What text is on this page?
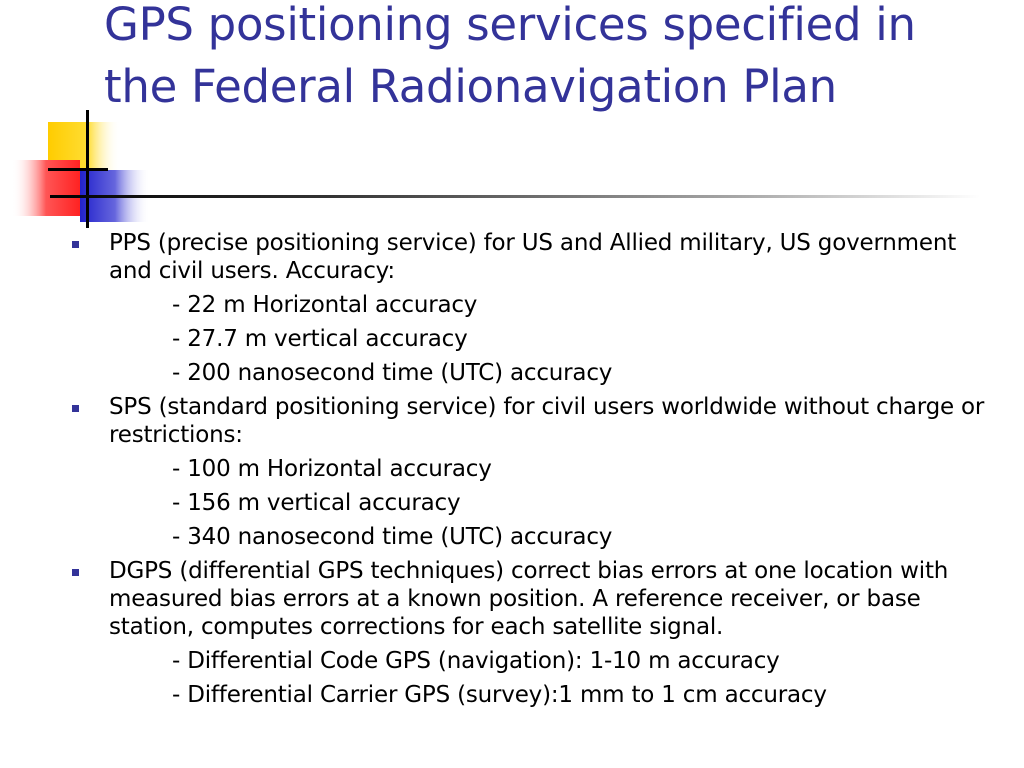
GPS positioning services specified in
the Federal Radionavigation Plan
PPS (precise positioning service) for US and Allied military, US government and civil users. Accuracy:
- 22 m Horizontal accuracy
- 27.7 m vertical accuracy
- 200 nanosecond time (UTC) accuracy
SPS (standard positioning service) for civil users worldwide without charge or restrictions:
- 100 m Horizontal accuracy
- 156 m vertical accuracy
- 340 nanosecond time (UTC) accuracy
DGPS (differential GPS techniques) correct bias errors at one location with measured bias errors at a known position. A reference receiver, or base station, computes corrections for each satellite signal.
- Differential Code GPS (navigation): 1-10 m accuracy
- Differential Carrier GPS (survey):1 mm to 1 cm accuracy
